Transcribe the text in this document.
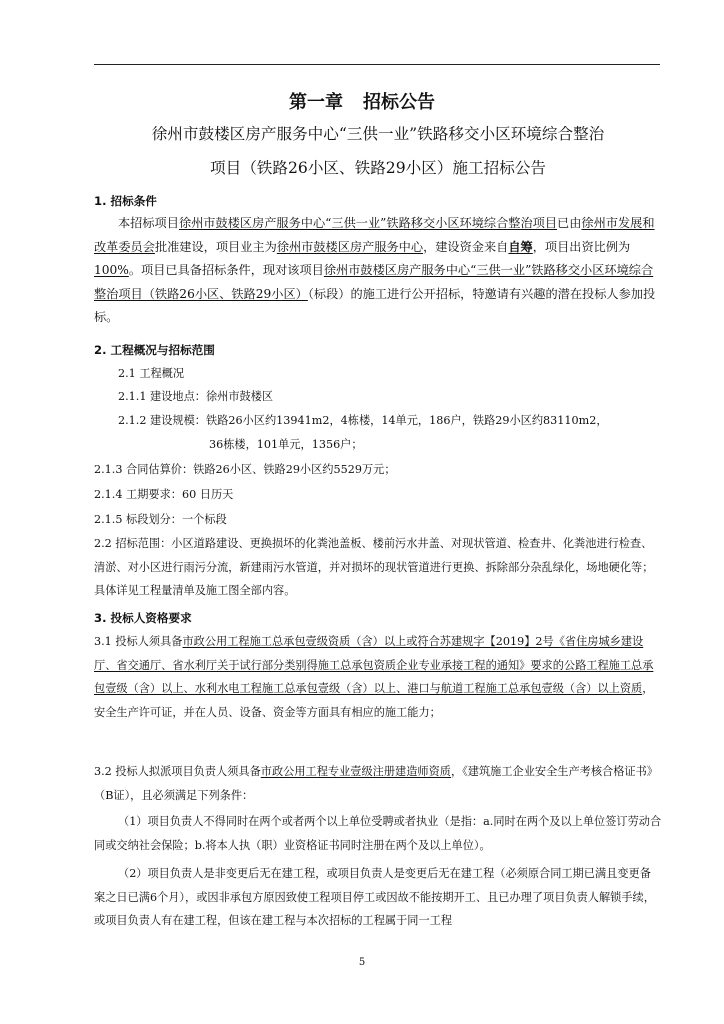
第一章 招标公告

徐州市鼓楼区房产服务中心“三供一业”铁路移交小区环境综合整治

项目（铁路26小区、铁路29小区）施工招标公告

1. 招标条件

本招标项目徐州市鼓楼区房产服务中心“三供一业”铁路移交小区环境综合整治项目已由徐州市发展和改革委员会批准建设，项目业主为徐州市鼓楼区房产服务中心，建设资金来自自筹，项目出资比例为100%。项目已具备招标条件，现对该项目徐州市鼓楼区房产服务中心“三供一业”铁路移交小区环境综合整治项目（铁路26小区、铁路29小区）（标段）的施工进行公开招标，特邀请有兴趣的潜在投标人参加投标。

2. 工程概况与招标范围
2.1 工程概况
2.1.1 建设地点：徐州市鼓楼区
2.1.2 建设规模：铁路26小区约13941m2，4栋楼，14单元，186户，铁路29小区约83110m2，
36栋楼，101单元，1356户；
2.1.3 合同估算价：铁路26小区、铁路29小区约5529万元；
2.1.4 工期要求：60 日历天
2.1.5 标段划分：一个标段

2.2 招标范围：小区道路建设、更换损坏的化粪池盖板、楼前污水井盖、对现状管道、检查井、化粪池进行检查、清淤、对小区进行雨污分流，新建雨污水管道，并对损坏的现状管道进行更换、拆除部分杂乱绿化，场地硬化等；具体详见工程量清单及施工图全部内容。

3. 投标人资格要求

3.1 投标人须具备市政公用工程施工总承包壹级资质（含）以上或符合苏建规字【2019】2号《省住房城乡建设厅、省交通厅、省水利厅关于试行部分类别得施工总承包资质企业专业承接工程的通知》要求的公路工程施工总承包壹级（含）以上、水利水电工程施工总承包壹级（含）以上、港口与航道工程施工总承包壹级（含）以上资质，安全生产许可证，并在人员、设备、资金等方面具有相应的施工能力；

3.2 投标人拟派项目负责人须具备市政公用工程专业壹级注册建造师资质，《建筑施工企业安全生产考核合格证书》（B证），且必须满足下列条件：

（1）项目负责人不得同时在两个或者两个以上单位受聘或者执业（是指：a.同时在两个及以上单位签订劳动合同或交纳社会保险；b.将本人执（职）业资格证书同时注册在两个及以上单位）。

（2）项目负责人是非变更后无在建工程，或项目负责人是变更后无在建工程（必须原合同工期已满且变更备案之日已满6个月），或因非承包方原因致使工程项目停工或因故不能按期开工、且已办理了项目负责人解锁手续，或项目负责人有在建工程，但该在建工程与本次招标的工程属于同一工程

5
